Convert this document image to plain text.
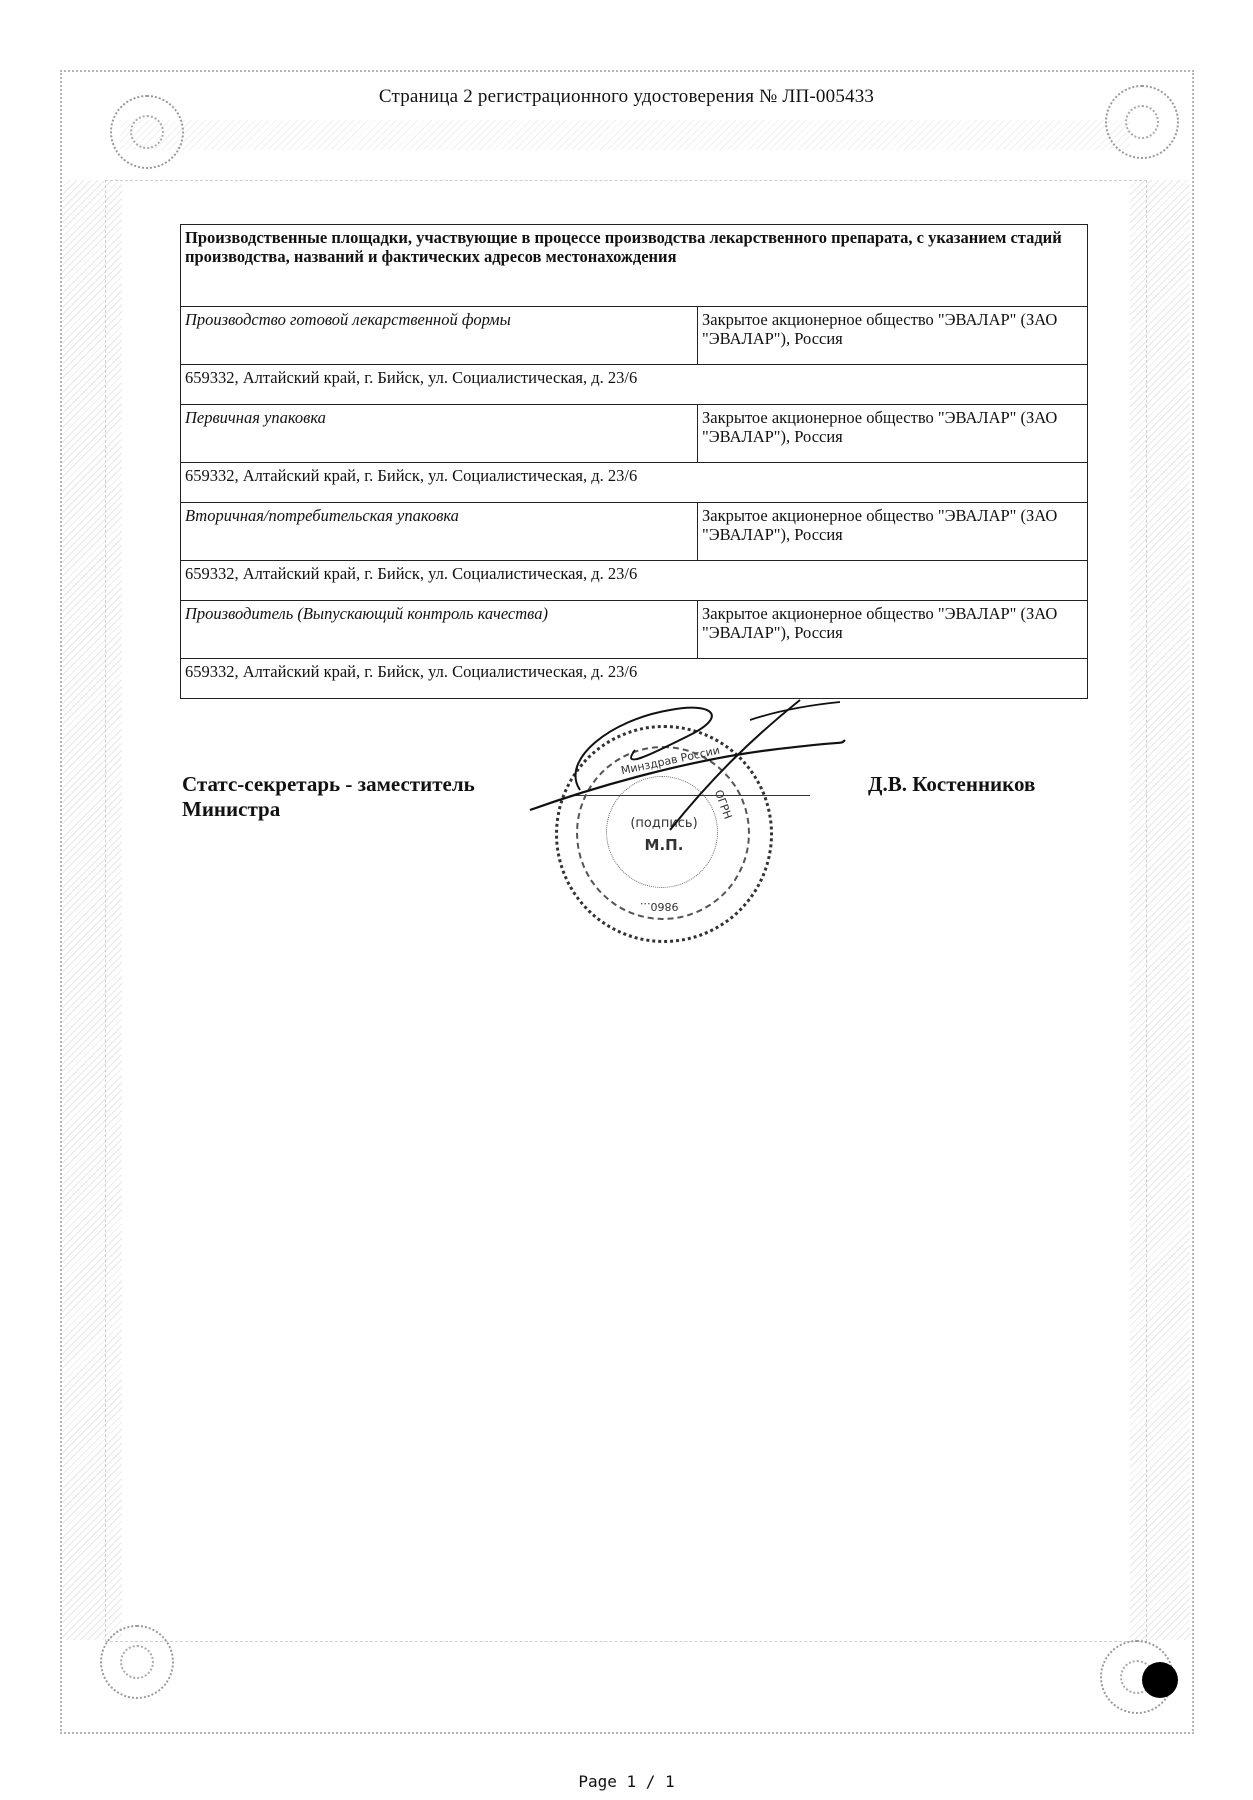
Страница 2 регистрационного удостоверения № ЛП-005433
Производственные площадки, участвующие в процессе производства лекарственного препарата, с указанием стадий производства, названий и фактических адресов местонахождения	
Производство готовой лекарственной формы	Закрытое акционерное общество "ЭВАЛАР" (ЗАО "ЭВАЛАР"), Россия
659332, Алтайский край, г. Бийск, ул. Социалистическая, д. 23/6	
Первичная упаковка	Закрытое акционерное общество "ЭВАЛАР" (ЗАО "ЭВАЛАР"), Россия
659332, Алтайский край, г. Бийск, ул. Социалистическая, д. 23/6	
Вторичная/потребительская упаковка	Закрытое акционерное общество "ЭВАЛАР" (ЗАО "ЭВАЛАР"), Россия
659332, Алтайский край, г. Бийск, ул. Социалистическая, д. 23/6	
Производитель (Выпускающий контроль качества)	Закрытое акционерное общество "ЭВАЛАР" (ЗАО "ЭВАЛАР"), Россия
659332, Алтайский край, г. Бийск, ул. Социалистическая, д. 23/6	
Статс-секретарь - заместитель
Министра
Минздрав России
ОГРН
9860...
(подпись)
М.П.
Д.В. Костенников
Page 1 / 1
